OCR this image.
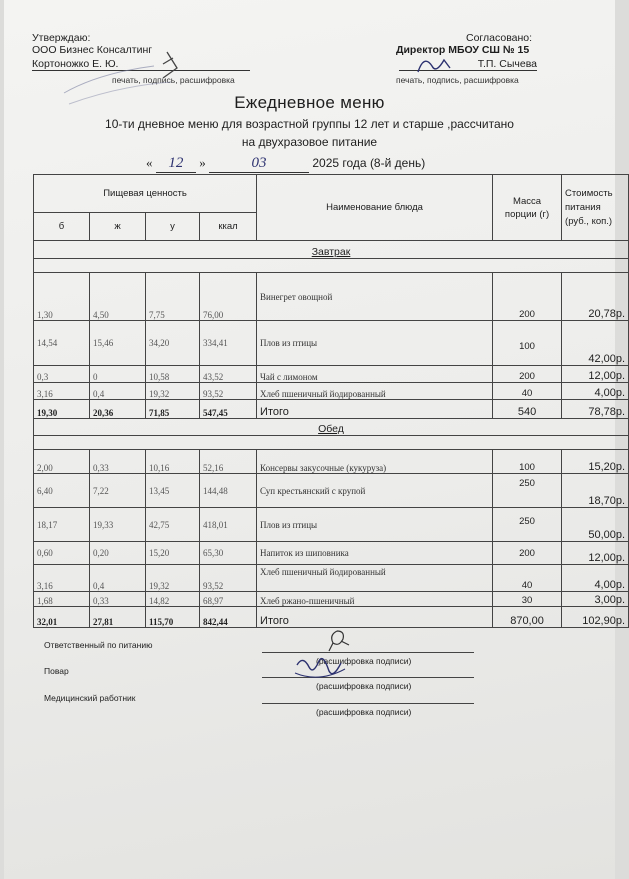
Утверждаю:
ООО Бизнес Консалтинг
Кортоножко Е. Ю.
печать, подпись, расшифровка
Согласовано:
Директор МБОУ СШ № 15
Т.П. Сычева
печать, подпись, расшифровка
Ежедневное меню
10-ти дневное меню для возрастной группы 12 лет и старше ,рассчитано
на двухразовое питание
« 12 »	03	2025 года (8-й день)
Пищевая ценность				Наименование блюда	Масса порции (г)	Стоимость питания (руб., коп.)
б	ж	у	ккал			
Завтрак						

1,30	4,50	7,75	76,00	Винегрет овощной	200	20,78р.
14,54	15,46	34,20	334,41	Плов из птицы	100	42,00р.
0,3	0	10,58	43,52	Чай с лимоном	200	12,00р.
3,16	0,4	19,32	93,52	Хлеб пшеничный йодированный	40	4,00р.
19,30	20,36	71,85	547,45	Итого	540	78,78р.
Обед						

2,00	0,33	10,16	52,16	Консервы закусочные (кукуруза)	100	15,20р.
6,40	7,22	13,45	144,48	Суп крестьянский с крупой	250	18,70р.
18,17	19,33	42,75	418,01	Плов из птицы	250	50,00р.
0,60	0,20	15,20	65,30	Напиток из шиповника	200	12,00р.
3,16	0,4	19,32	93,52	Хлеб пшеничный йодированный	40	4,00р.
1,68	0,33	14,82	68,97	Хлеб ржано-пшеничный	30	3,00р.
32,01	27,81	115,70	842,44	Итого	870,00	102,90р.
Ответственный по питанию
(расшифровка подписи)
Повар
(расшифровка подписи)
Медицинский работник
(расшифровка подписи)
